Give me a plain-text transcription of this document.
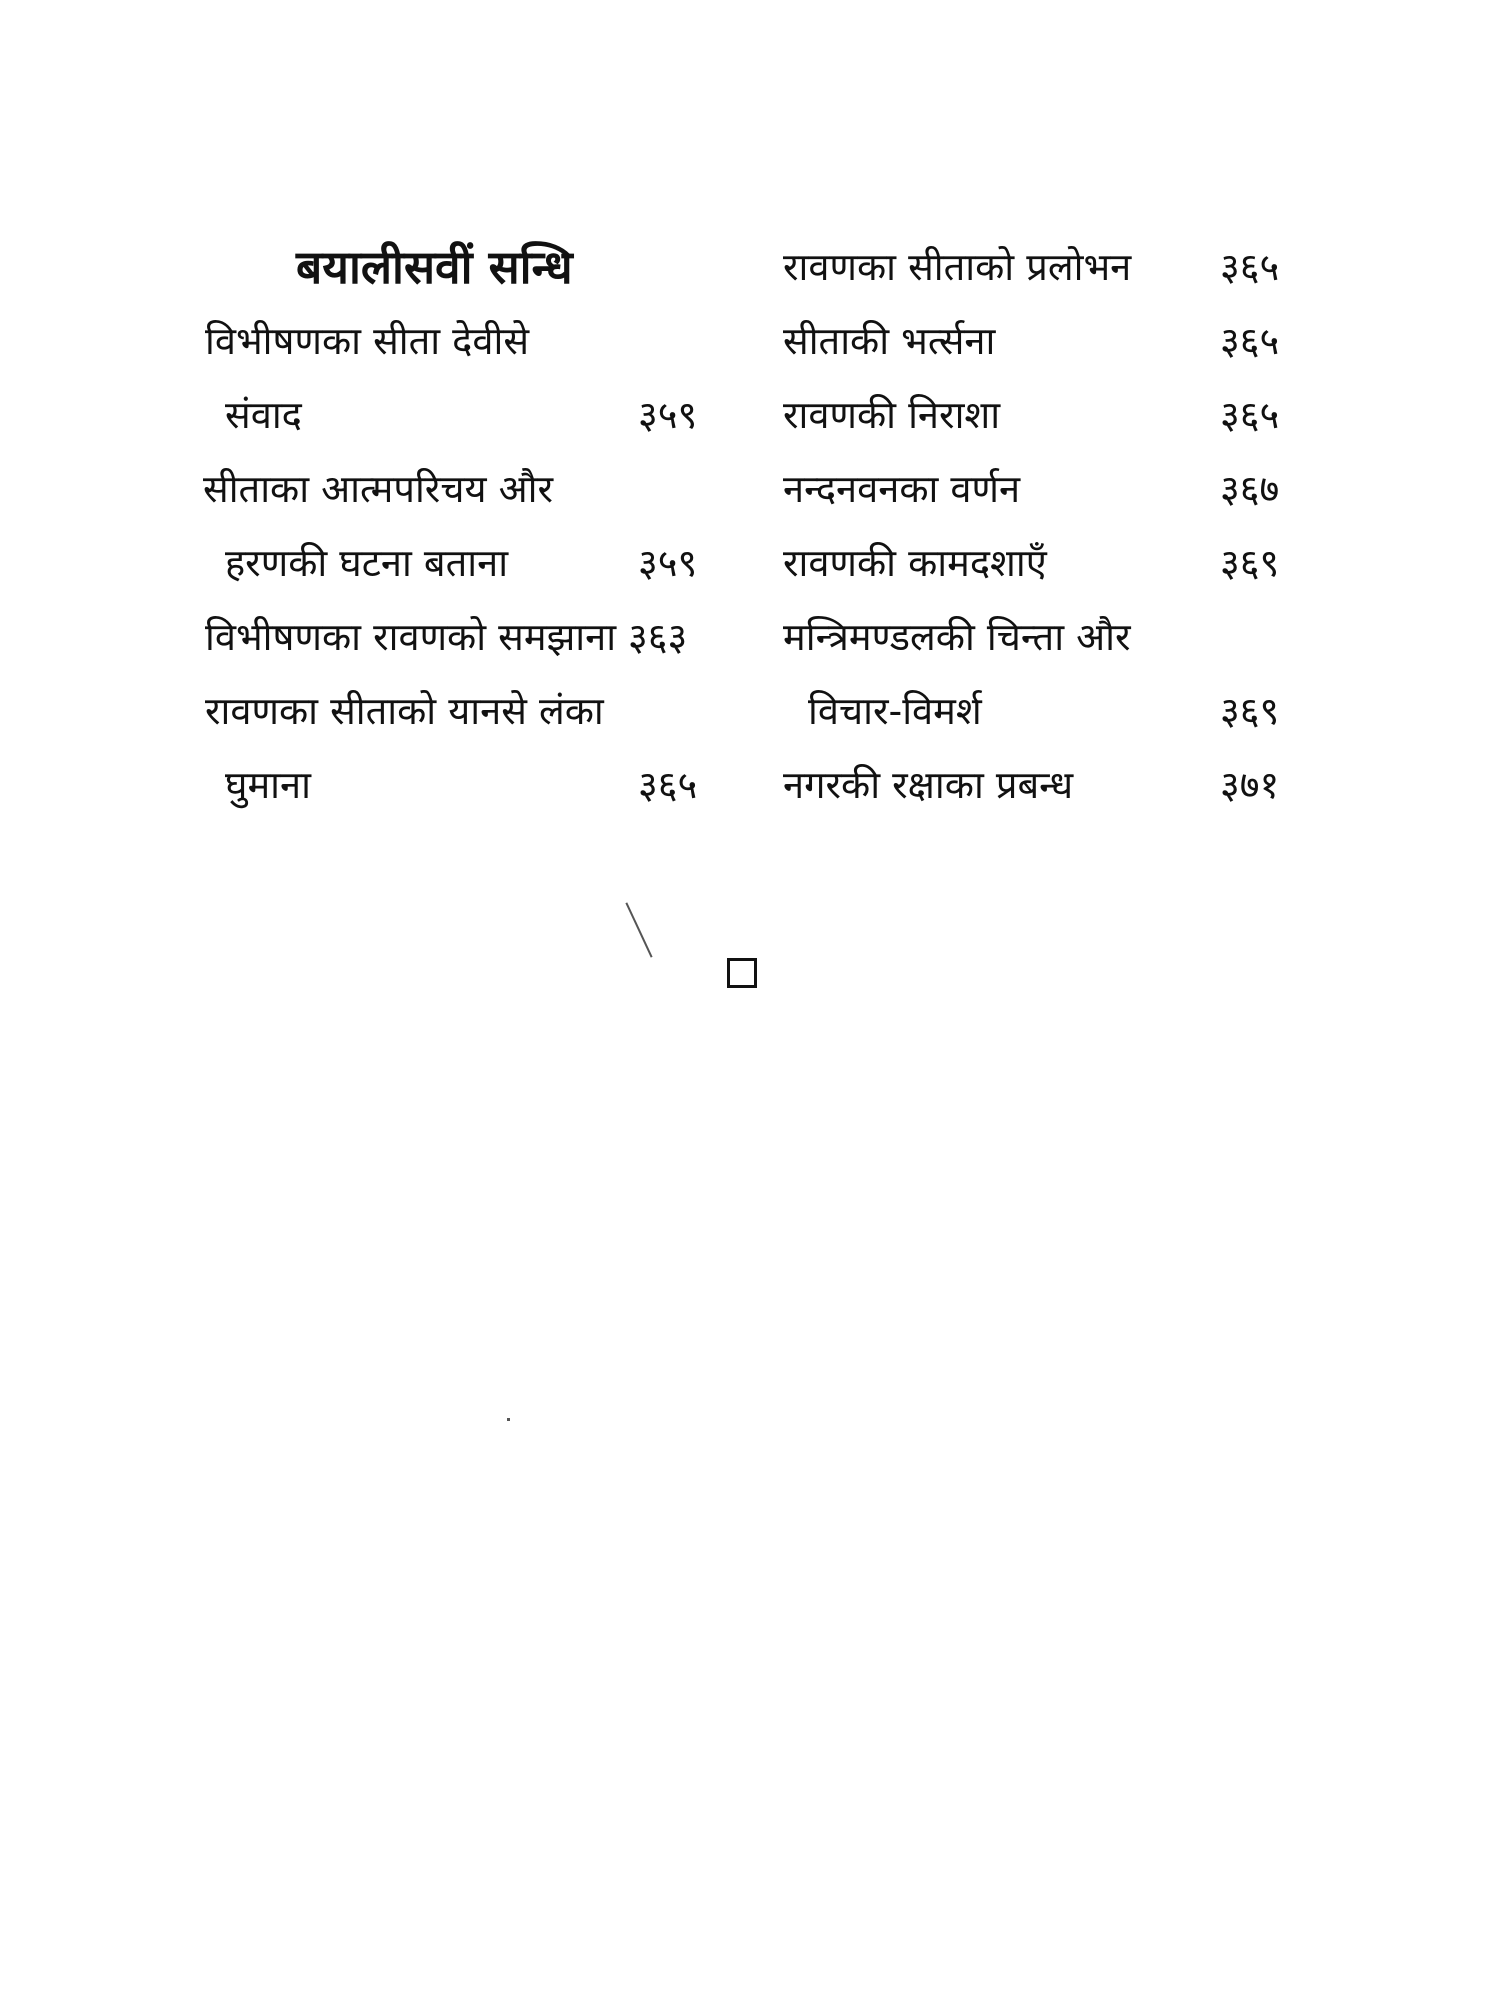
बयालीसवीं सन्धि
विभीषणका सीता देवीसे
संवाद	३५९
सीताका आत्मपरिचय और
हरणकी घटना बताना	३५९
विभीषणका रावणको समझाना ३६३
रावणका सीताको यानसे लंका
घुमाना	३६५
रावणका सीताको प्रलोभन ३६५
सीताकी भर्त्सना	३६५
रावणकी निराशा	३६५
नन्दनवनका वर्णन	३६७
रावणकी कामदशाएँ	३६९
मन्त्रिमण्डलकी चिन्ता और
विचार-विमर्श	३६९
नगरकी रक्षाका प्रबन्ध	३७१
